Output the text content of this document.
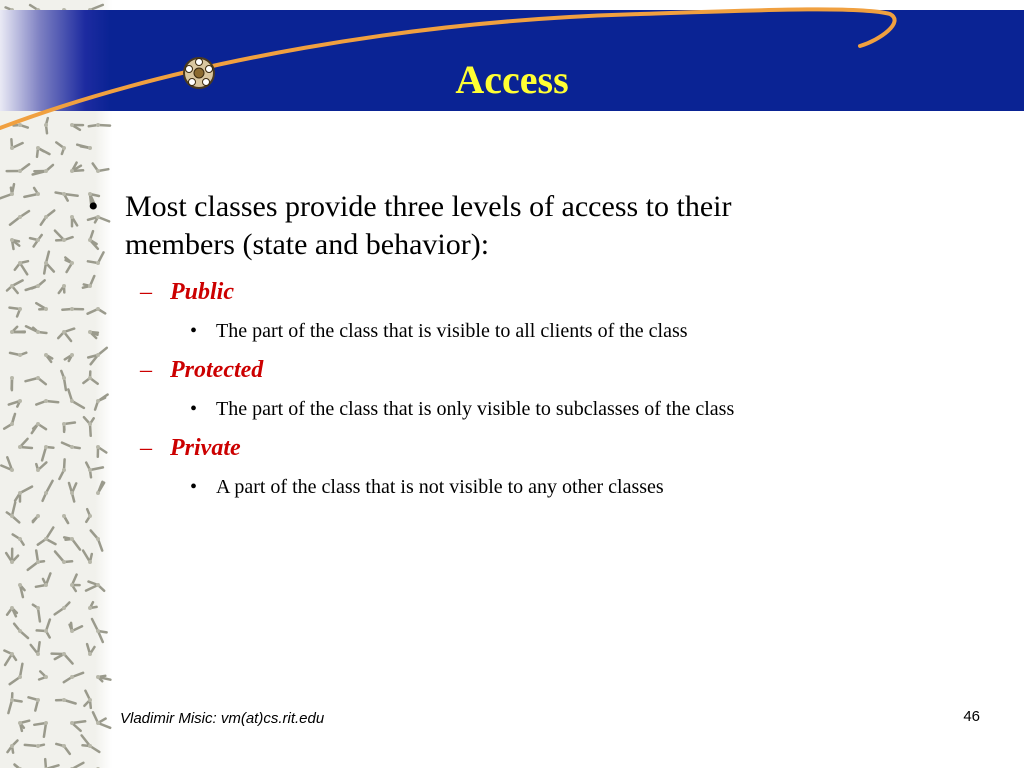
Access
• Most classes provide three levels of access to their members (state and behavior):
– Public
• The part of the class that is visible to all clients of the class
– Protected
• The part of the class that is only visible to subclasses of the class
– Private
• A part of the class that is not visible to any other classes
Vladimir Misic: vm(at)cs.rit.edu	46
